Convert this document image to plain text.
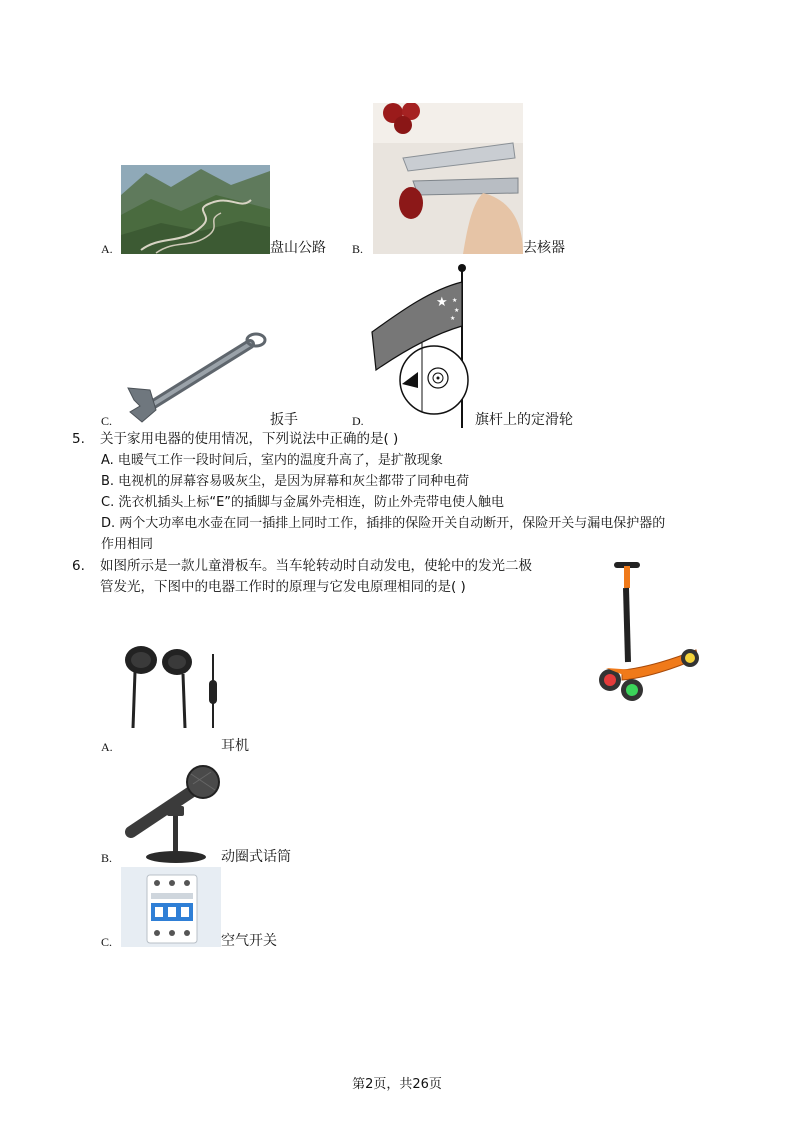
A.	盘山公路 B.	去核器
C.	扳手
★ ★
★
★
D.	旗杆上的定滑轮
5. 关于家用电器的使用情况，下列说法中正确的是( )
A. 电暖气工作一段时间后，室内的温度升高了，是扩散现象
B. 电视机的屏幕容易吸灰尘，是因为屏幕和灰尘都带了同种电荷
C. 洗衣机插头上标“E”的插脚与金属外壳相连，防止外壳带电使人触电
D. 两个大功率电水壶在同一插排上同时工作，插排的保险开关自动断开，保险开关与漏电保护器的
作用相同
6. 如图所示是一款儿童滑板车。当车轮转动时自动发电，使轮中的发光二极
管发光，下图中的电器工作时的原理与它发电原理相同的是( )
A.	耳机
B.	动圈式话筒
C.	空气开关
第2页，共26页
